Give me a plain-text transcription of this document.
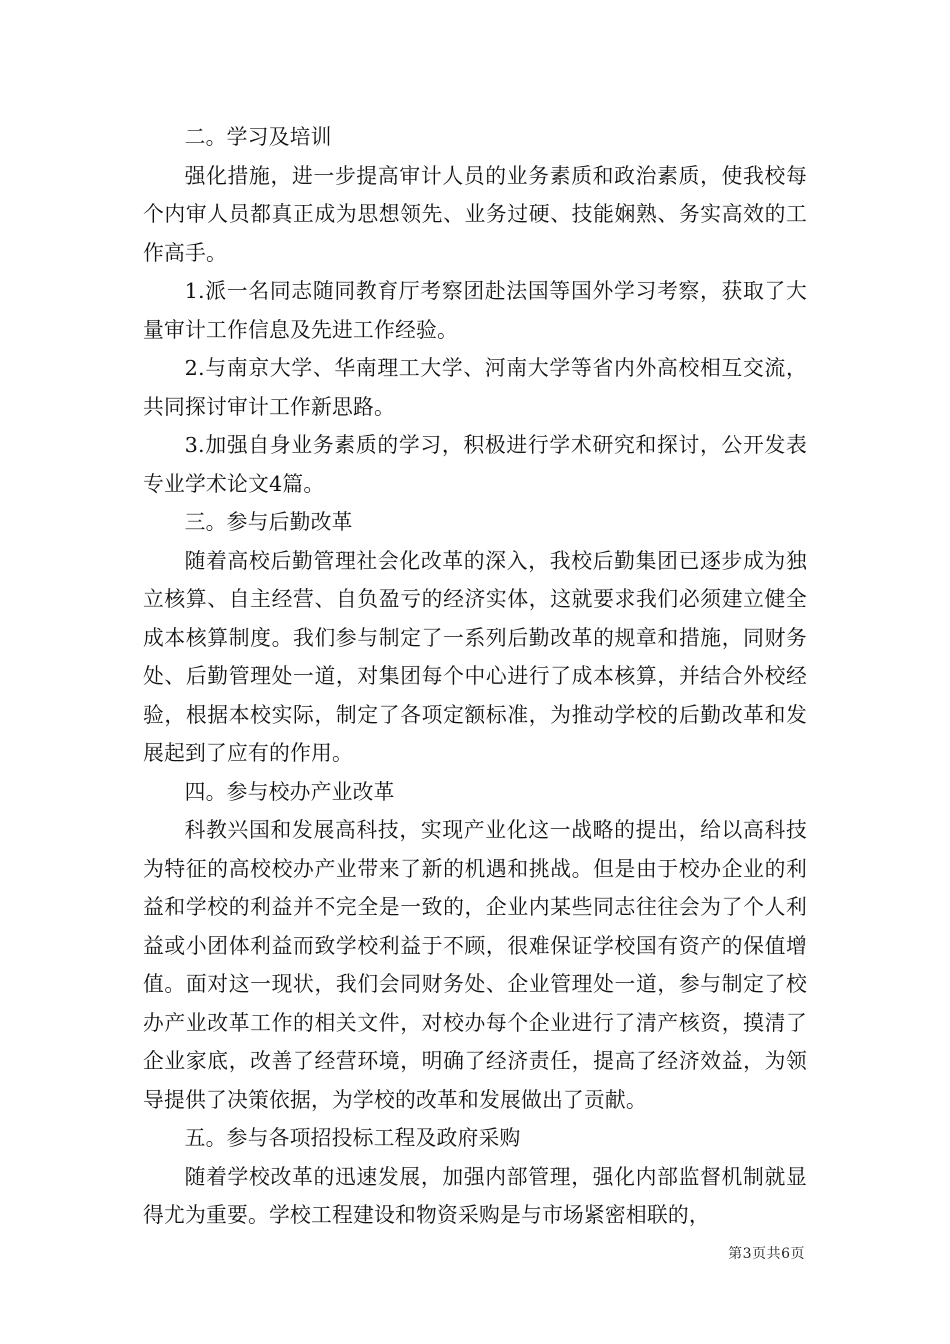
二。学习及培训

强化措施，进一步提高审计人员的业务素质和政治素质，使我校每个内审人员都真正成为思想领先、业务过硬、技能娴熟、务实高效的工作高手。

1.派一名同志随同教育厅考察团赴法国等国外学习考察，获取了大量审计工作信息及先进工作经验。

2.与南京大学、华南理工大学、河南大学等省内外高校相互交流，共同探讨审计工作新思路。

3.加强自身业务素质的学习，积极进行学术研究和探讨，公开发表专业学术论文4篇。

三。参与后勤改革

随着高校后勤管理社会化改革的深入，我校后勤集团已逐步成为独立核算、自主经营、自负盈亏的经济实体，这就要求我们必须建立健全成本核算制度。我们参与制定了一系列后勤改革的规章和措施，同财务处、后勤管理处一道，对集团每个中心进行了成本核算，并结合外校经验，根据本校实际，制定了各项定额标准，为推动学校的后勤改革和发展起到了应有的作用。

四。参与校办产业改革

科教兴国和发展高科技，实现产业化这一战略的提出，给以高科技为特征的高校校办产业带来了新的机遇和挑战。但是由于校办企业的利益和学校的利益并不完全是一致的，企业内某些同志往往会为了个人利益或小团体利益而致学校利益于不顾，很难保证学校国有资产的保值增值。面对这一现状，我们会同财务处、企业管理处一道，参与制定了校办产业改革工作的相关文件，对校办每个企业进行了清产核资，摸清了企业家底，改善了经营环境，明确了经济责任，提高了经济效益，为领导提供了决策依据，为学校的改革和发展做出了贡献。

五。参与各项招投标工程及政府采购

随着学校改革的迅速发展，加强内部管理，强化内部监督机制就显得尤为重要。学校工程建设和物资采购是与市场紧密相联的，

第3页共6页
